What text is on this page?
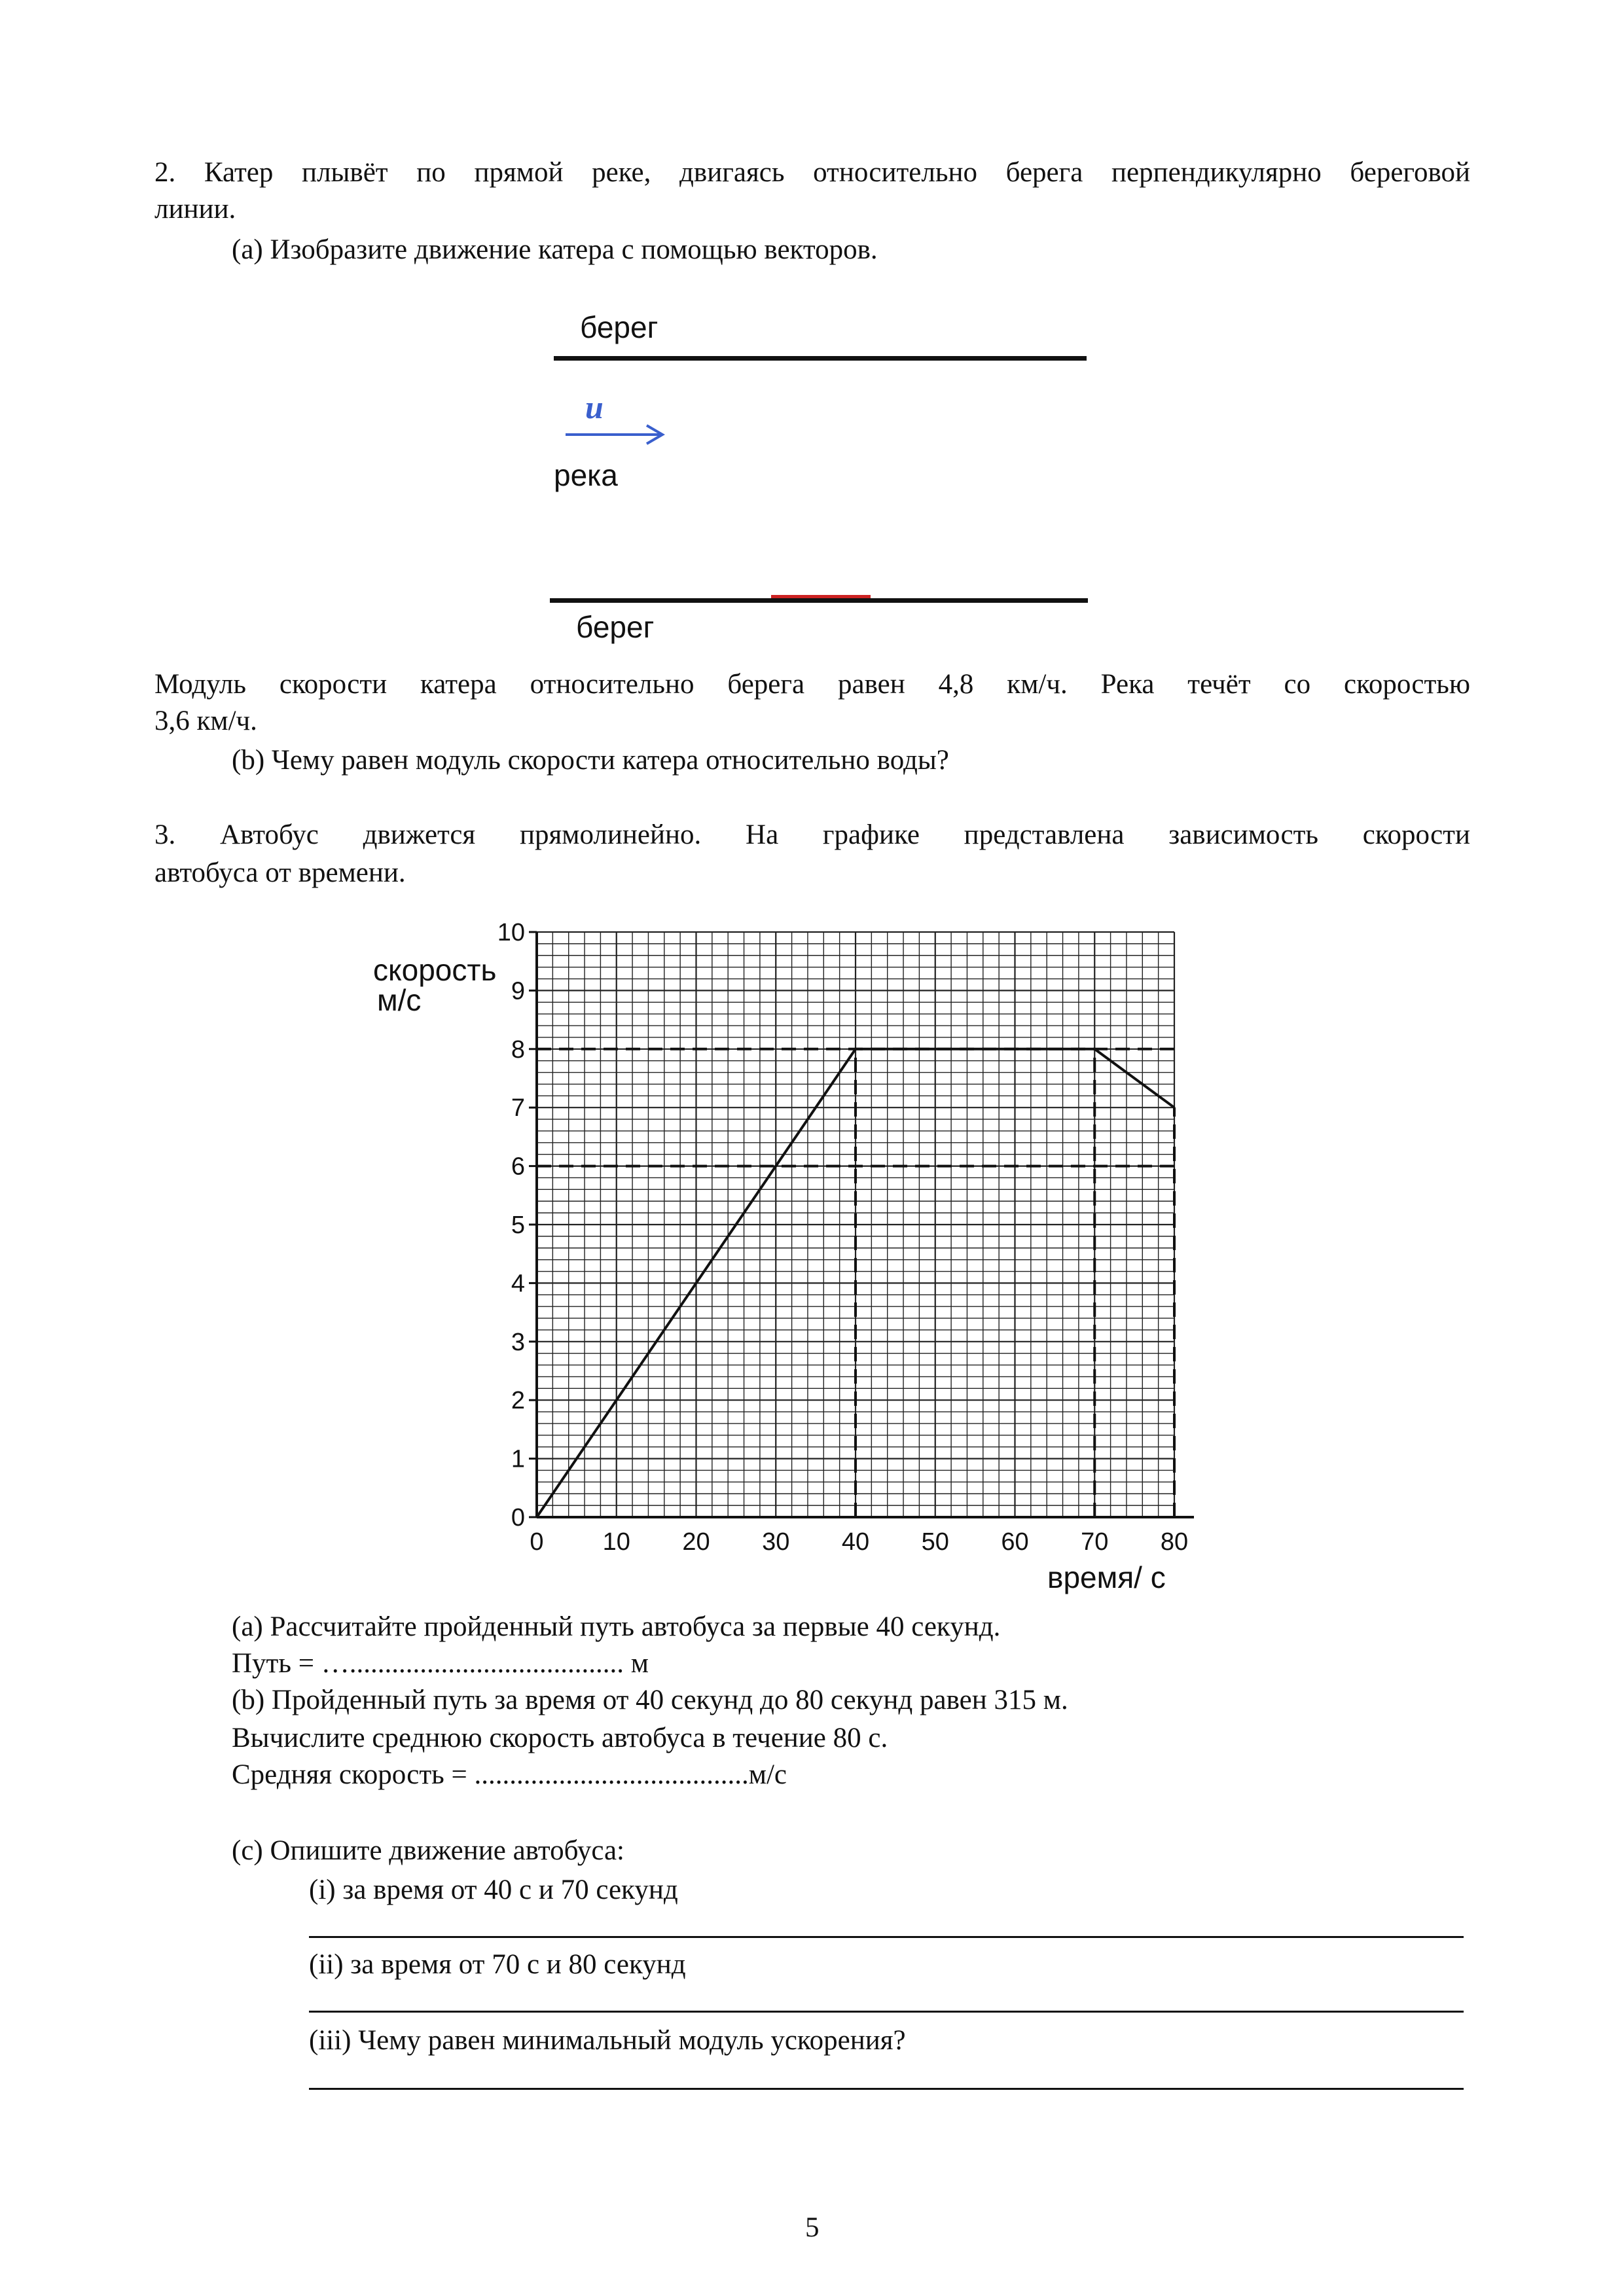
2. Катер плывёт по прямой реке, двигаясь относительно берега перпендикулярно береговой
линии.
(a) Изобразите движение катера с помощью векторов.
берег
u
река
берег
Модуль скорости катера относительно берега равен 4,8 км/ч. Река течёт со скоростью
3,6 км/ч.
(b) Чему равен модуль скорости катера относительно воды?
3. Автобус движется прямолинейно. На графике представлена зависимость скорости
автобуса от времени.
0 10 20 30 40 50 60 70 80
0
1
2
3
4
5
6
7
8
9
10
скорость
м/с
время/ с
(a) Рассчитайте пройденный путь автобуса за первые 40 секунд.
Путь = …....................................... м
(b) Пройденный путь за время от 40 секунд до 80 секунд равен 315 м.
Вычислите среднюю скорость автобуса в течение 80 с.
Средняя скорость = .......................................м/с
(c) Опишите движение автобуса:
(i) за время от 40 с и 70 секунд
(ii) за время от 70 с и 80 секунд
(iii) Чему равен минимальный модуль ускорения?
5
